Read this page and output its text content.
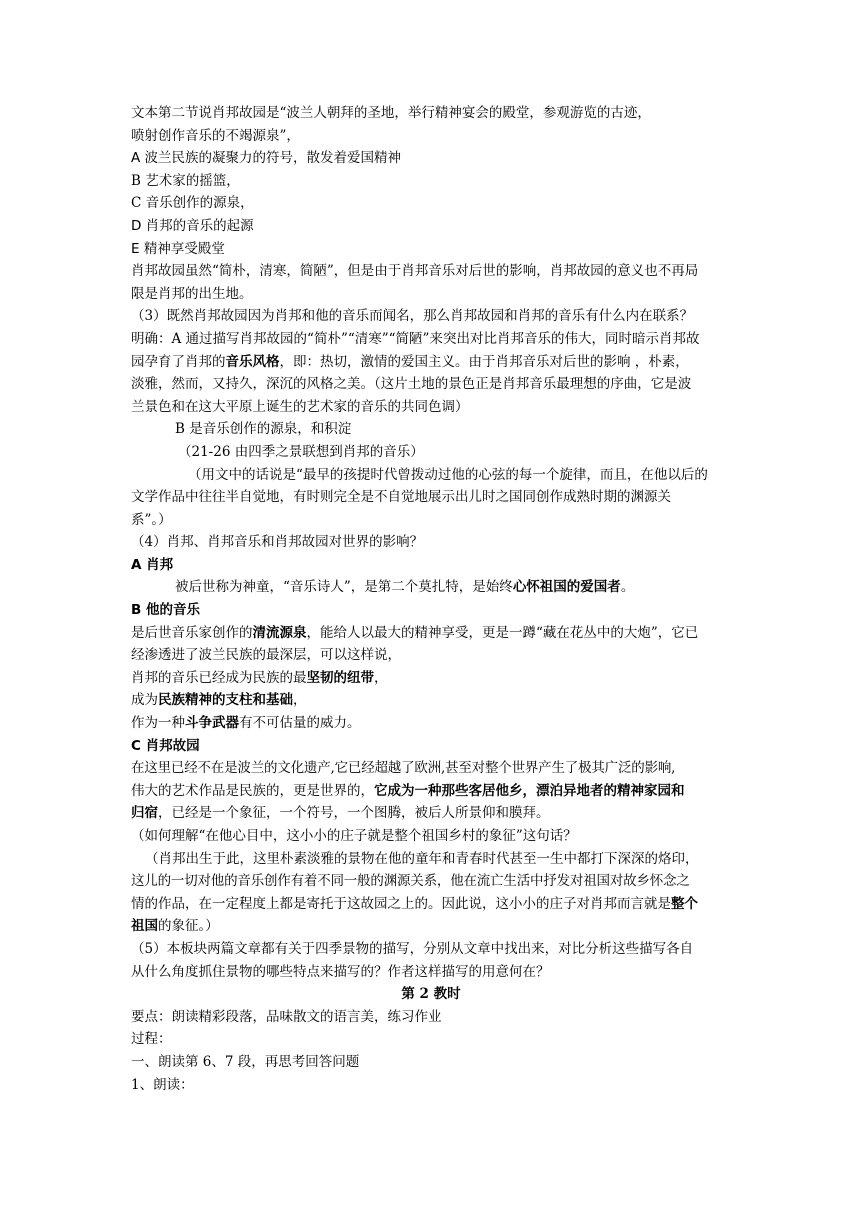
文本第二节说肖邦故园是“波兰人朝拜的圣地，举行精神宴会的殿堂，参观游览的古迹，
喷射创作音乐的不竭源泉”，
A 波兰民族的凝聚力的符号，散发着爱国精神
B 艺术家的摇篮，
C 音乐创作的源泉，
D 肖邦的音乐的起源
E 精神享受殿堂
肖邦故园虽然“简朴，清寒，简陋”，但是由于肖邦音乐对后世的影响，肖邦故园的意义也不再局
限是肖邦的出生地。
（3）既然肖邦故园因为肖邦和他的音乐而闻名，那么肖邦故园和肖邦的音乐有什么内在联系？
明确：A 通过描写肖邦故园的“简朴”“清寒”“简陋”来突出对比肖邦音乐的伟大，同时暗示肖邦故
园孕育了肖邦的音乐风格，即：热切，激情的爱国主义。由于肖邦音乐对后世的影响 ，朴素，
淡雅，然而，又持久，深沉的风格之美。（这片土地的景色正是肖邦音乐最理想的序曲，它是波
兰景色和在这大平原上诞生的艺术家的音乐的共同色调）
B 是音乐创作的源泉，和积淀
（21-26 由四季之景联想到肖邦的音乐）
（用文中的话说是“最早的孩提时代曾拨动过他的心弦的每一个旋律，而且，在他以后的
文学作品中往往半自觉地，有时则完全是不自觉地展示出儿时之国同创作成熟时期的渊源关
系”。）
（4）肖邦、肖邦音乐和肖邦故园对世界的影响？
A 肖邦
被后世称为神童，“音乐诗人”，是第二个莫扎特，是始终心怀祖国的爱国者。
B 他的音乐
是后世音乐家创作的清流源泉，能给人以最大的精神享受，更是一蹲“藏在花丛中的大炮”，它已
经渗透进了波兰民族的最深层，可以这样说，
肖邦的音乐已经成为民族的最坚韧的纽带，
成为民族精神的支柱和基础，
作为一种斗争武器有不可估量的威力。
C 肖邦故园
在这里已经不在是波兰的文化遗产,它已经超越了欧洲,甚至对整个世界产生了极其广泛的影响,
伟大的艺术作品是民族的，更是世界的，它成为一种那些客居他乡，漂泊异地者的精神家园和
归宿，已经是一个象征，一个符号，一个图腾，被后人所景仰和膜拜。
（如何理解“在他心目中，这小小的庄子就是整个祖国乡村的象征”这句话？
（肖邦出生于此，这里朴素淡雅的景物在他的童年和青春时代甚至一生中都打下深深的烙印，
这儿的一切对他的音乐创作有着不同一般的渊源关系，他在流亡生活中抒发对祖国对故乡怀念之
情的作品，在一定程度上都是寄托于这故园之上的。因此说，这小小的庄子对肖邦而言就是整个
祖国的象征。）
（5）本板块两篇文章都有关于四季景物的描写，分别从文章中找出来，对比分析这些描写各自
从什么角度抓住景物的哪些特点来描写的？作者这样描写的用意何在？
第 2 教时
要点：朗读精彩段落，品味散文的语言美，练习作业
过程：
一、朗读第 6、7 段，再思考回答问题
1、朗读：
